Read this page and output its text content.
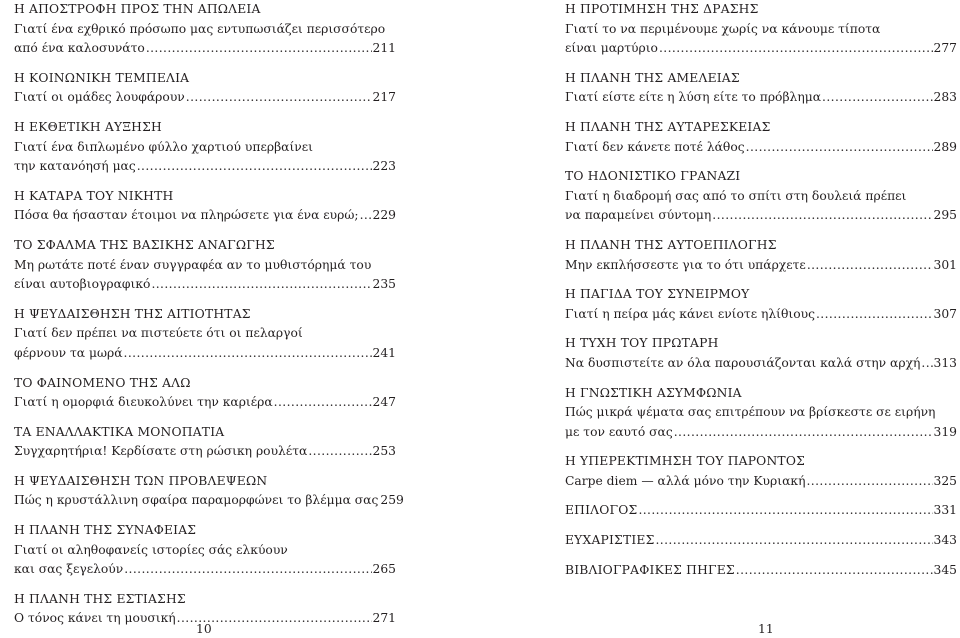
Η ΑΠΟΣΤΡΟΦΗ ΠΡΟΣ ΤΗΝ ΑΠΩΛΕΙΑ
Γιατί ένα εχθρικό πρόσωπο μας εντυπωσιάζει περισσότερο
από ένα καλοσυνάτο .....	211
Η ΚΟΙΝΩΝΙΚΗ ΤΕΜΠΕΛΙΑ
Γιατί οι ομάδες λουφάρουν .....	217
Η ΕΚΘΕΤΙΚΗ ΑΥΞΗΣΗ
Γιατί ένα διπλωμένο φύλλο χαρτιού υπερβαίνει
την κατανόησή μας .....	223
Η ΚΑΤΑΡΑ ΤΟΥ ΝΙΚΗΤΗ
Πόσα θα ήσασταν έτοιμοι να πληρώσετε για ένα ευρώ; ..... 229
ΤΟ ΣΦΑΛΜΑ ΤΗΣ ΒΑΣΙΚΗΣ ΑΝΑΓΩΓΗΣ
Μη ρωτάτε ποτέ έναν συγγραφέα αν το μυθιστόρημά του
είναι αυτοβιογραφικό .....	235
Η ΨΕΥΔΑΙΣΘΗΣΗ ΤΗΣ ΑΙΤΙΟΤΗΤΑΣ
Γιατί δεν πρέπει να πιστεύετε ότι οι πελαργοί
φέρνουν τα μωρά .....	241
ΤΟ ΦΑΙΝΟΜΕΝΟ ΤΗΣ ΑΛΩ
Γιατί η ομορφιά διευκολύνει την καριέρα .....	247
ΤΑ ΕΝΑΛΛΑΚΤΙΚΑ ΜΟΝΟΠΑΤΙΑ
Συγχαρητήρια! Κερδίσατε στη ρώσικη ρουλέτα .....	253
Η ΨΕΥΔΑΙΣΘΗΣΗ ΤΩΝ ΠΡΟΒΛΕΨΕΩΝ
Πώς η κρυστάλλινη σφαίρα παραμορφώνει το βλέμμα σας 259
Η ΠΛΑΝΗ ΤΗΣ ΣΥΝΑΦΕΙΑΣ
Γιατί οι αληθοφανείς ιστορίες σάς ελκύουν
και σας ξεγελούν .....	265
Η ΠΛΑΝΗ ΤΗΣ ΕΣΤΙΑΣΗΣ
Ο τόνος κάνει τη μουσική .....	271
Η ΠΡΟΤΙΜΗΣΗ ΤΗΣ ΔΡΑΣΗΣ
Γιατί το να περιμένουμε χωρίς να κάνουμε τίποτα
είναι μαρτύριο .....	277
Η ΠΛΑΝΗ ΤΗΣ ΑΜΕΛΕΙΑΣ
Γιατί είστε είτε η λύση είτε το πρόβλημα .....	283
Η ΠΛΑΝΗ ΤΗΣ ΑΥΤΑΡΕΣΚΕΙΑΣ
Γιατί δεν κάνετε ποτέ λάθος .....	289
ΤΟ ΗΔΟΝΙΣΤΙΚΟ ΓΡΑΝΑΖΙ
Γιατί η διαδρομή σας από το σπίτι στη δουλειά πρέπει
να παραμείνει σύντομη .....	295
Η ΠΛΑΝΗ ΤΗΣ ΑΥΤΟΕΠΙΛΟΓΗΣ
Μην εκπλήσσεστε για το ότι υπάρχετε .....	301
Η ΠΑΓΙΔΑ ΤΟΥ ΣΥΝΕΙΡΜΟΥ
Γιατί η πείρα μάς κάνει ενίοτε ηλίθιους .....	307
Η ΤΥΧΗ ΤΟΥ ΠΡΩΤΑΡΗ
Να δυσπιστείτε αν όλα παρουσιάζονται καλά στην αρχή ..... 313
Η ΓΝΩΣΤΙΚΗ ΑΣΥΜΦΩΝΙΑ
Πώς μικρά ψέματα σας επιτρέπουν να βρίσκεστε σε ειρήνη
με τον εαυτό σας .....	319
Η ΥΠΕΡΕΚΤΙΜΗΣΗ ΤΟΥ ΠΑΡΟΝΤΟΣ
Carpe diem — αλλά μόνο την Κυριακή .....	325
ΕΠΙΛΟΓΟΣ .....	331
ΕΥΧΑΡΙΣΤΙΕΣ .....	343
ΒΙΒΛΙΟΓΡΑΦΙΚΕΣ ΠΗΓΕΣ .....	345
10	11
